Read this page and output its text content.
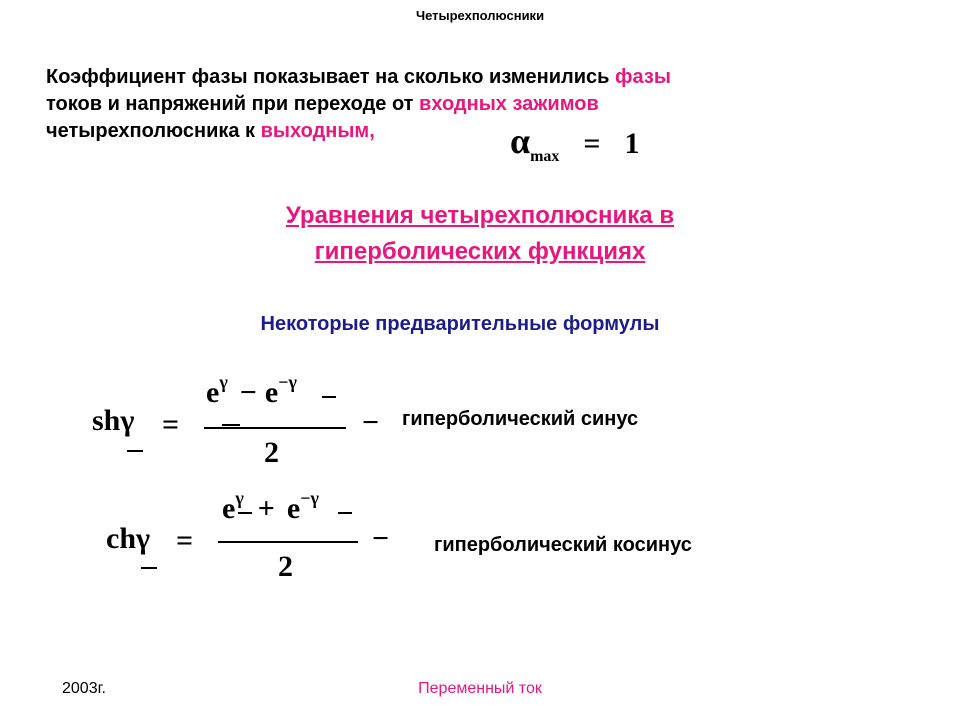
Четырехполюсники
Коэффициент фазы показывает на сколько изменились фазы
токов и напряжений при переходе от входных зажимов
четырехполюсника к выходным,	αmax = 1
Уравнения четырехполюсника в
гиперболических функциях
Некоторые предварительные формулы
shγ =
eγ − e−γ
2
− гиперболический синус
chγ =
eγ + e−γ
2
− гиперболический косинус
2003г.	Переменный ток
